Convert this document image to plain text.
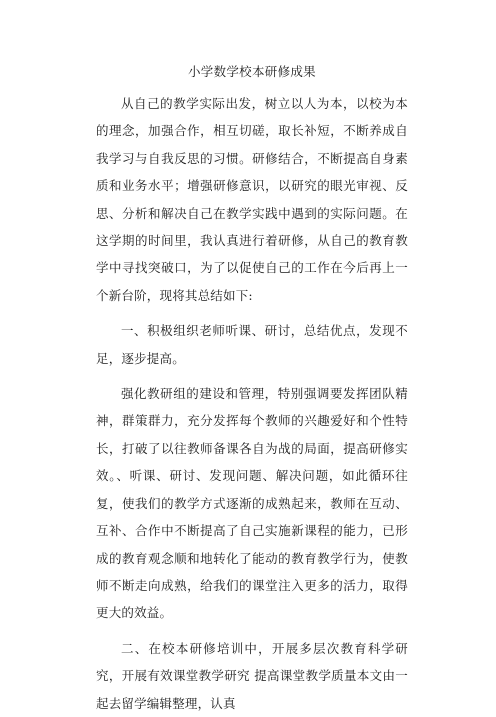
小学数学校本研修成果

从自己的教学实际出发，树立以人为本，以校为本的理念，加强合作，相互切磋，取长补短，不断养成自我学习与自我反思的习惯。研修结合，不断提高自身素质和业务水平；增强研修意识，以研究的眼光审视、反思、分析和解决自己在教学实践中遇到的实际问题。在这学期的时间里，我认真进行着研修，从自己的教育教学中寻找突破口，为了以促使自己的工作在今后再上一个新台阶，现将其总结如下:

一、积极组织老师听课、研讨，总结优点，发现不足，逐步提高。

强化教研组的建设和管理，特别强调要发挥团队精神，群策群力，充分发挥每个教师的兴趣爱好和个性特长，打破了以往教师备课各自为战的局面，提高研修实效。、听课、研讨、发现问题、解决问题，如此循环往复，使我们的教学方式逐渐的成熟起来，教师在互动、互补、合作中不断提高了自己实施新课程的能力，已形成的教育观念顺和地转化了能动的教育教学行为，使教师不断走向成熟，给我们的课堂注入更多的活力，取得更大的效益。

二、在校本研修培训中，开展多层次教育科学研究，开展有效课堂教学研究 提高课堂教学质量本文由一起去留学编辑整理，认真
